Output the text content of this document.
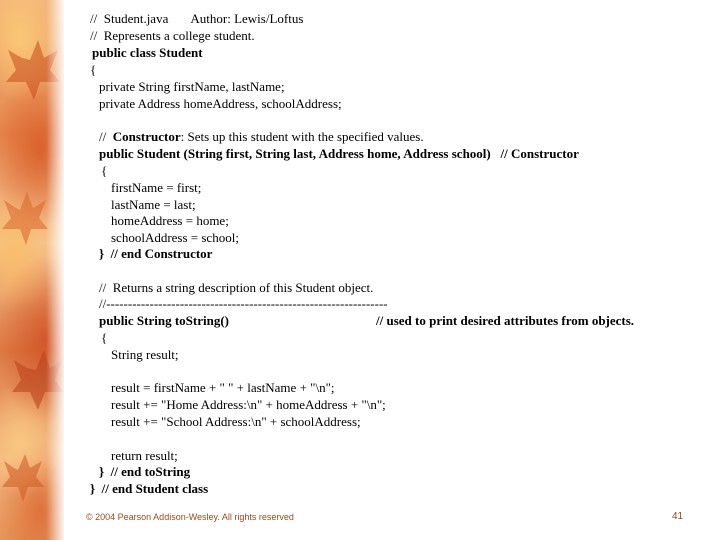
//  Student.java       Author: Lewis/Loftus

//  Represents a college student.

public class Student

{

private String firstName, lastName;

private Address homeAddress, schoolAddress;

//  Constructor: Sets up this student with the specified values.

public Student (String first, String last, Address home, Address school)   // Constructor

{

firstName = first;

lastName = last;

homeAddress = home;

schoolAddress = school;

}  // end Constructor

//  Returns a string description of this Student object.

//-----------------------------------------------------------------

public String toString()	// used to print desired attributes from objects.

{

String result;

result = firstName + " " + lastName + "\n";

result += "Home Address:\n" + homeAddress + "\n";

result += "School Address:\n" + schoolAddress;

return result;

}  // end toString

}  // end Student class

© 2004 Pearson Addison-Wesley. All rights reserved	41
